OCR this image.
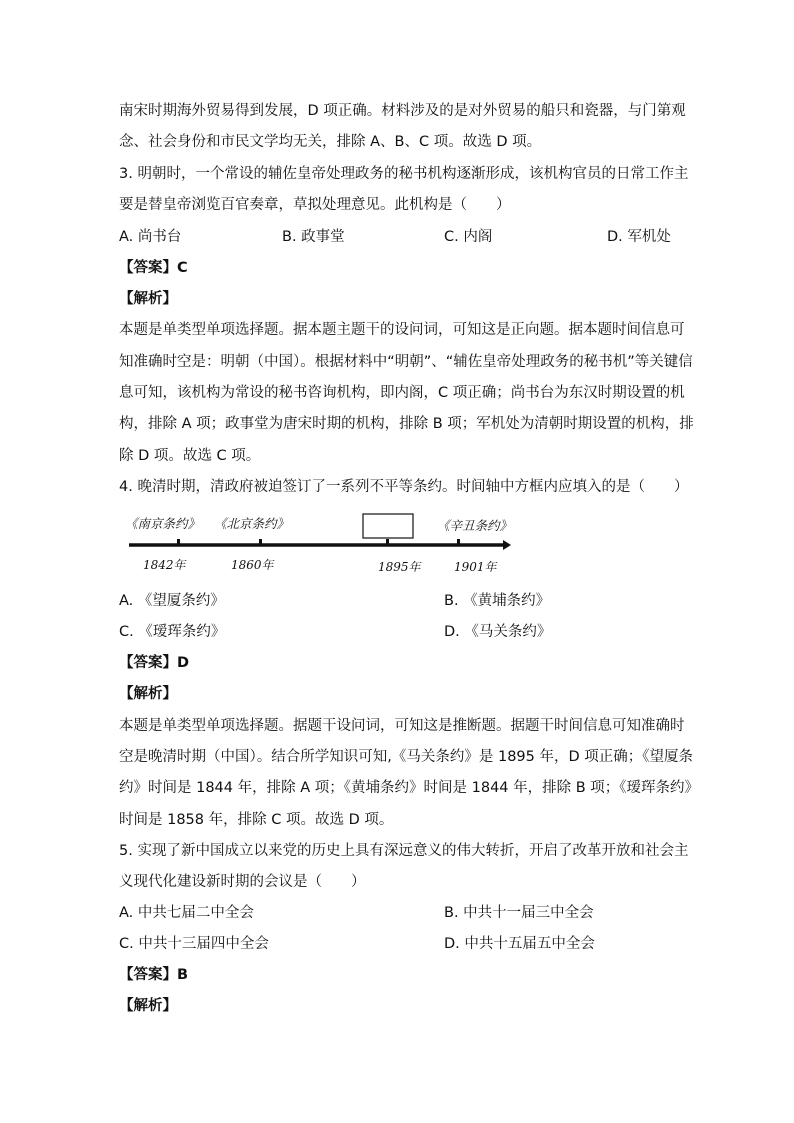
南宋时期海外贸易得到发展，D 项正确。材料涉及的是对外贸易的船只和瓷器，与门第观
念、社会身份和市民文学均无关，排除 A、B、C 项。故选 D 项。
3. 明朝时，一个常设的辅佐皇帝处理政务的秘书机构逐渐形成，该机构官员的日常工作主
要是替皇帝浏览百官奏章，草拟处理意见。此机构是（　　）
A. 尚书台	B. 政事堂	C. 内阁	D. 军机处
【答案】C
【解析】
本题是单类型单项选择题。据本题主题干的设问词，可知这是正向题。据本题时间信息可
知准确时空是：明朝（中国）。根据材料中“明朝”、“辅佐皇帝处理政务的秘书机”等关键信
息可知，该机构为常设的秘书咨询机构，即内阁，C 项正确；尚书台为东汉时期设置的机
构，排除 A 项；政事堂为唐宋时期的机构，排除 B 项；军机处为清朝时期设置的机构，排
除 D 项。故选 C 项。
4. 晚清时期，清政府被迫签订了一系列不平等条约。时间轴中方框内应填入的是（　　）
《南京条约》 《北京条约》	《辛丑条约》
1842年	1860年	1895年	1901年
A. 《望厦条约》	B. 《黄埔条约》
C. 《瑷珲条约》	D. 《马关条约》
【答案】D
【解析】
本题是单类型单项选择题。据题干设问词，可知这是推断题。据题干时间信息可知准确时
空是晚清时期（中国）。结合所学知识可知,《马关条约》是 1895 年，D 项正确；《望厦条
约》时间是 1844 年，排除 A 项；《黄埔条约》时间是 1844 年，排除 B 项；《瑷珲条约》
时间是 1858 年，排除 C 项。故选 D 项。
5. 实现了新中国成立以来党的历史上具有深远意义的伟大转折，开启了改革开放和社会主
义现代化建设新时期的会议是（　　）
A. 中共七届二中全会	B. 中共十一届三中全会
C. 中共十三届四中全会	D. 中共十五届五中全会
【答案】B
【解析】
